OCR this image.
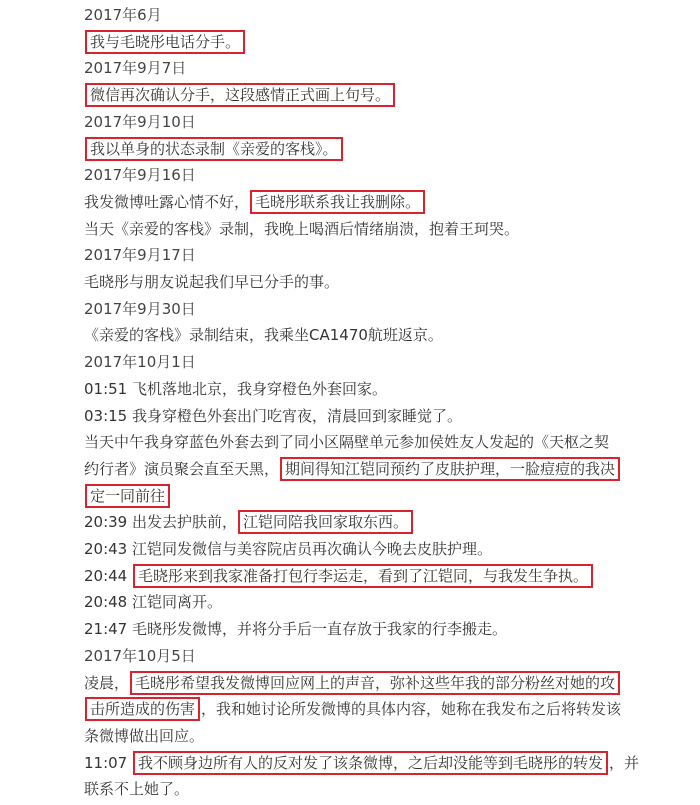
2017年6月
我与毛晓彤电话分手。
2017年9月7日
微信再次确认分手，这段感情正式画上句号。
2017年9月10日
我以单身的状态录制《亲爱的客栈》。
2017年9月16日
我发微博吐露心情不好， 毛晓彤联系我让我删除。
当天《亲爱的客栈》录制，我晚上喝酒后情绪崩溃，抱着王珂哭。
2017年9月17日
毛晓彤与朋友说起我们早已分手的事。
2017年9月30日
《亲爱的客栈》录制结束，我乘坐CA1470航班返京。
2017年10月1日
01:51 飞机落地北京，我身穿橙色外套回家。
03:15 我身穿橙色外套出门吃宵夜，清晨回到家睡觉了。
当天中午我身穿蓝色外套去到了同小区隔壁单元参加侯姓友人发起的《天枢之契
约行者》演员聚会直至天黑， 期间得知江铠同预约了皮肤护理，一脸痘痘的我决
定一同前往
20:39 出发去护肤前， 江铠同陪我回家取东西。
20:43 江铠同发微信与美容院店员再次确认今晚去皮肤护理。
20:44 毛晓彤来到我家准备打包行李运走，看到了江铠同，与我发生争执。
20:48 江铠同离开。
21:47 毛晓彤发微博，并将分手后一直存放于我家的行李搬走。
2017年10月5日
凌晨， 毛晓彤希望我发微博回应网上的声音，弥补这些年我的部分粉丝对她的攻
击所造成的伤害 ，我和她讨论所发微博的具体内容，她称在我发布之后将转发该
条微博做出回应。
11:07 我不顾身边所有人的反对发了该条微博，之后却没能等到毛晓彤的转发 ，并
联系不上她了。
